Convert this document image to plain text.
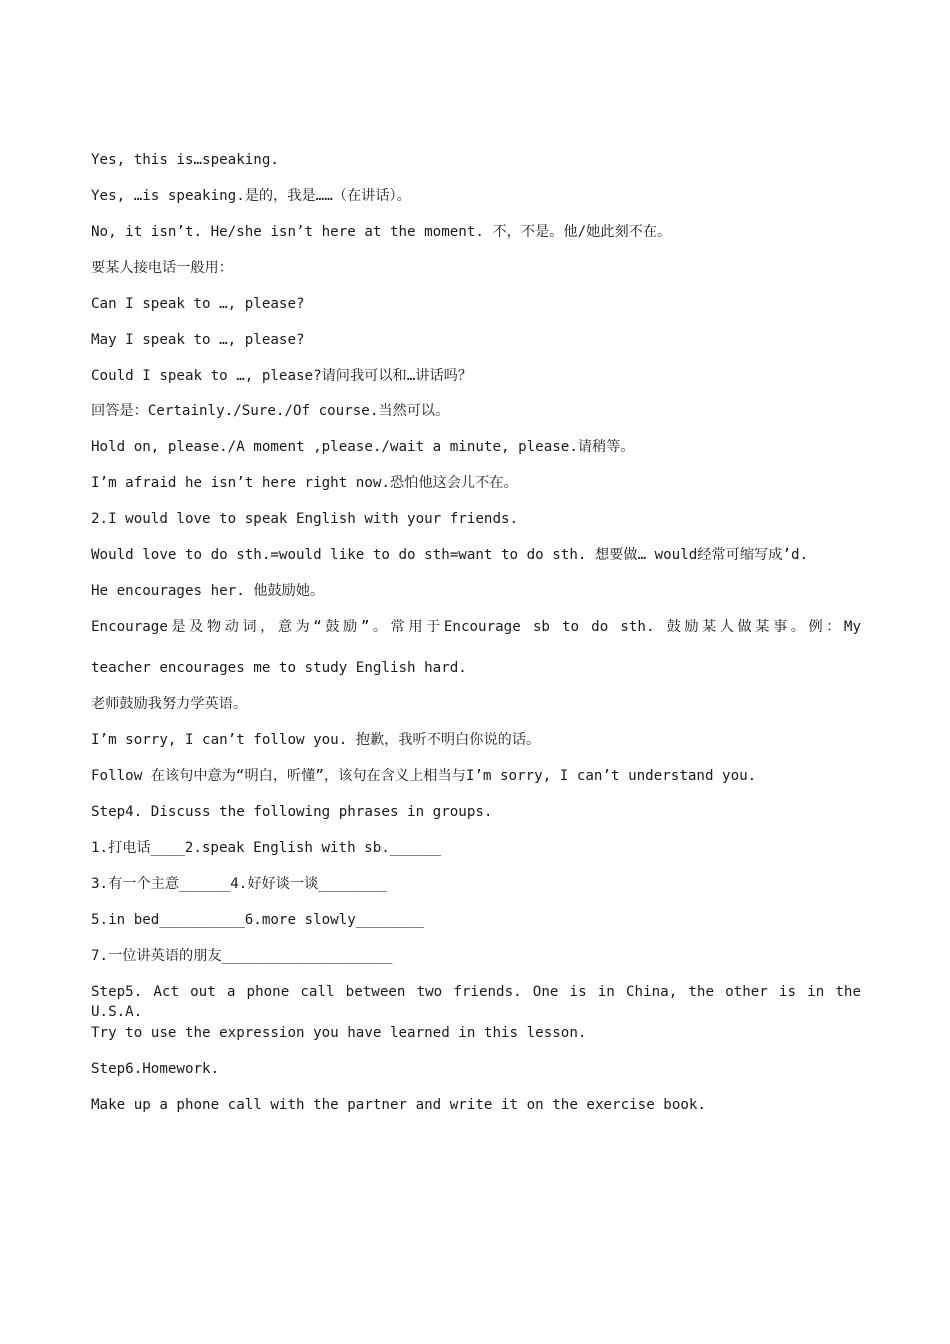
Yes, this is…speaking.
Yes, …is speaking.是的，我是……（在讲话）。
No, it isn’t. He/she isn’t here at the moment. 不，不是。他/她此刻不在。
要某人接电话一般用：
Can I speak to …, please?
May I speak to …, please?
Could I speak to …, please?请问我可以和…讲话吗？
回答是：Certainly./Sure./Of course.当然可以。
Hold on, please./A moment ,please./wait a minute, please.请稍等。
I’m afraid he isn’t here right now.恐怕他这会儿不在。
2.I would love to speak English with your friends.
Would love to do sth.=would like to do sth=want to do sth. 想要做… would经常可缩写成’d.
He encourages her. 他鼓励她。
Encourage是及物动词，意为“鼓励”。常用于Encourage sb to do sth. 鼓励某人做某事。例：My
teacher encourages me to study English hard.
老师鼓励我努力学英语。
I’m sorry, I can’t follow you. 抱歉，我听不明白你说的话。
Follow 在该句中意为“明白，听懂”，该句在含义上相当与I’m sorry, I can’t understand you.
Step4. Discuss the following phrases in groups.
1.打电话____2.speak English with sb.______
3.有一个主意______4.好好谈一谈________
5.in bed__________6.more slowly________
7.一位讲英语的朋友____________________
Step5. Act out a phone call between two friends. One is in China, the other is in the U.S.A.
Try to use the expression you have learned in this lesson.
Step6.Homework.
Make up a phone call with the partner and write it on the exercise book.
